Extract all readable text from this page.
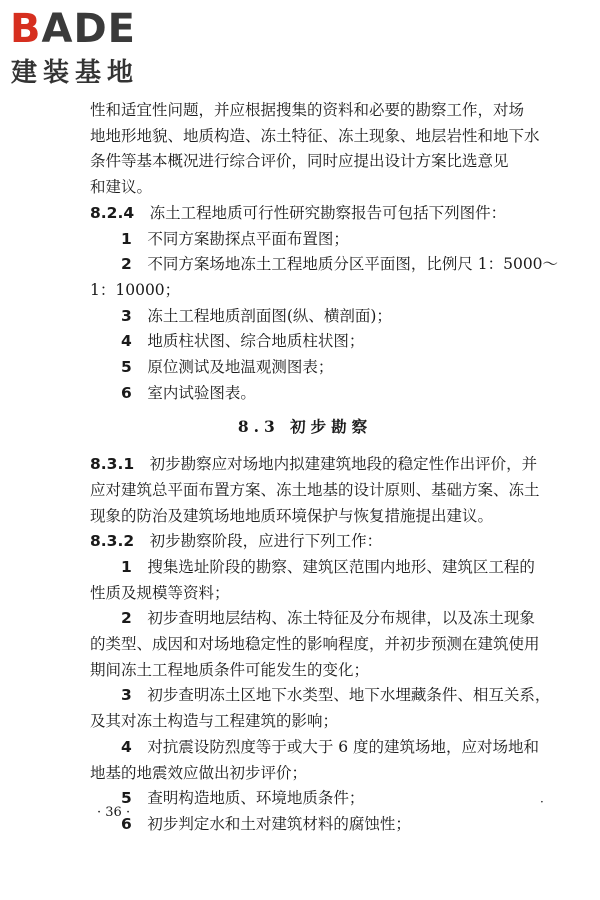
BADE
建装基地

性和适宜性问题，并应根据搜集的资料和必要的勘察工作，对场

地地形地貌、地质构造、冻土特征、冻土现象、地层岩性和地下水

条件等基本概况进行综合评价，同时应提出设计方案比选意见

和建议。

8.2.4　 冻土工程地质可行性研究勘察报告可包括下列图件：

1　 不同方案勘探点平面布置图；

2　 不同方案场地冻土工程地质分区平面图，比例尺 1：5000～

1：10000；

3　 冻土工程地质剖面图(纵、横剖面)；

4　 地质柱状图、综合地质柱状图；

5　 原位测试及地温观测图表；

6　 室内试验图表。

8.3 初步勘察

8.3.1　 初步勘察应对场地内拟建建筑地段的稳定性作出评价，并

应对建筑总平面布置方案、冻土地基的设计原则、基础方案、冻土

现象的防治及建筑场地地质环境保护与恢复措施提出建议。

8.3.2　 初步勘察阶段，应进行下列工作：

1　 搜集选址阶段的勘察、建筑区范围内地形、建筑区工程的

性质及规模等资料；

2　 初步查明地层结构、冻土特征及分布规律，以及冻土现象

的类型、成因和对场地稳定性的影响程度，并初步预测在建筑使用

期间冻土工程地质条件可能发生的变化；

3　 初步查明冻土区地下水类型、地下水埋藏条件、相互关系，

及其对冻土构造与工程建筑的影响；

4　 对抗震设防烈度等于或大于 6 度的建筑场地，应对场地和

地基的地震效应做出初步评价；

5　 查明构造地质、环境地质条件；

6　 初步判定水和土对建筑材料的腐蚀性；

· 36 ·
·
